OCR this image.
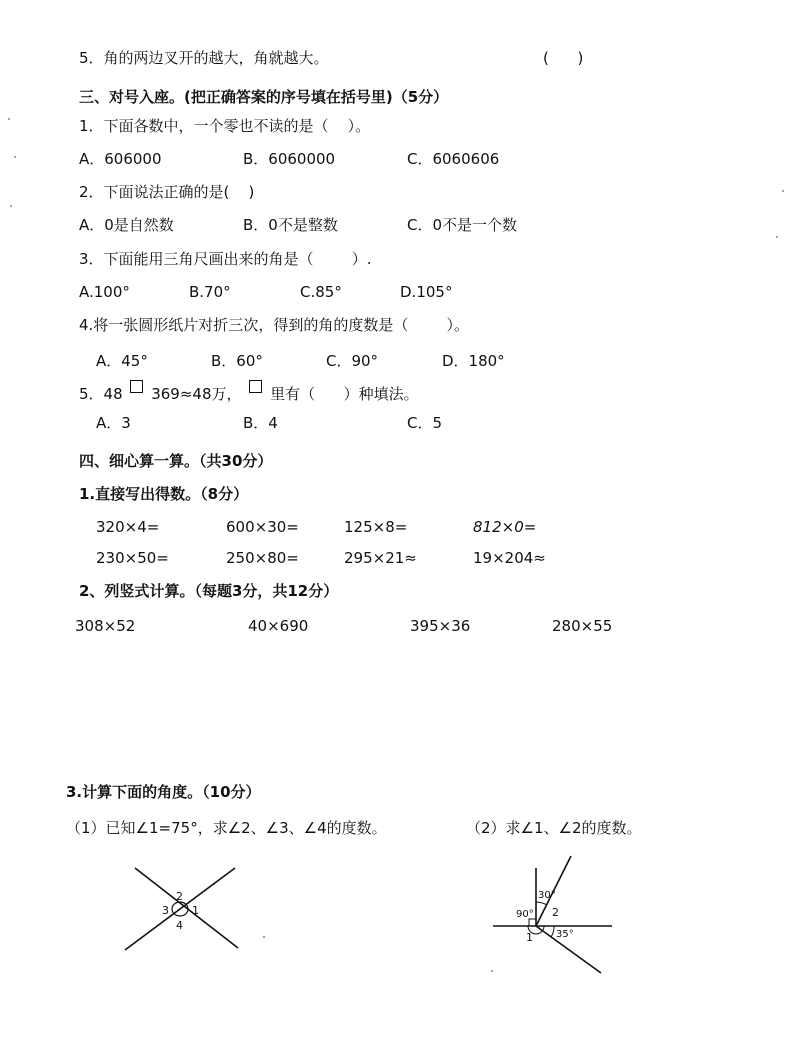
5．角的两边叉开的越大，角就越大。	(      )
三、对号入座。(把正确答案的序号填在括号里)（5分）
1．下面各数中，一个零也不读的是（    ）。
A．606000	B．6060000	C．6060606
2．下面说法正确的是(    )
A．0是自然数	B．0不是整数	C．0不是一个数
3．下面能用三角尺画出来的角是（        ）.
A.100°	B.70°	C.85°	D.105°
4.将一张圆形纸片对折三次，得到的角的度数是（        ）。
A．45°	B．60°	C．90°	D．180°
5．48 369≈48万， 里有（      ）种填法。
A．3	B．4	C．5
四、细心算一算。（共30分）
1.直接写出得数。（8分）
320×4=	600×30=	125×8=	812×0=
230×50=	250×80=	295×21≈	19×204≈
2、列竖式计算。（每题3分，共12分）
308×52	40×690	395×36	280×55
3.计算下面的角度。（10分）
（1）已知∠1=75°，求∠2、∠3、∠4的度数。	（2）求∠1、∠2的度数。
2
3 1
4
30°
90°
35°
1
2
